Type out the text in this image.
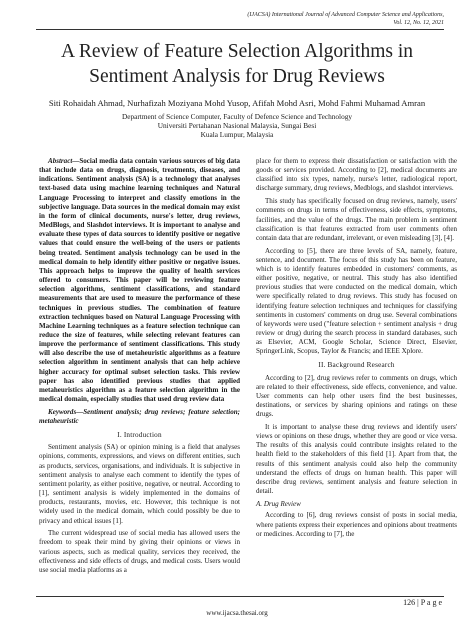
(IJACSA) International Journal of Advanced Computer Science and Applications,
Vol. 12, No. 12, 2021
A Review of Feature Selection Algorithms in
Sentiment Analysis for Drug Reviews
Siti Rohaidah Ahmad, Nurhafizah Moziyana Mohd Yusop, Afifah Mohd Asri, Mohd Fahmi Muhamad Amran
Department of Science Computer, Faculty of Defence Science and Technology
Universiti Pertahanan Nasional Malaysia, Sungai Besi
Kuala Lumpur, Malaysia

Abstract—Social media data contain various sources of big data that include data on drugs, diagnosis, treatments, diseases, and indications. Sentiment analysis (SA) is a technology that analyses text-based data using machine learning techniques and Natural Language Processing to interpret and classify emotions in the subjective language. Data sources in the medical domain may exist in the form of clinical documents, nurse's letter, drug reviews, MedBlogs, and Slashdot interviews. It is important to analyse and evaluate these types of data sources to identify positive or negative values that could ensure the well-being of the users or patients being treated. Sentiment analysis technology can be used in the medical domain to help identify either positive or negative issues. This approach helps to improve the quality of health services offered to consumers. This paper will be reviewing feature selection algorithms, sentiment classifications, and standard measurements that are used to measure the performance of these techniques in previous studies. The combination of feature extraction techniques based on Natural Language Processing with Machine Learning techniques as a feature selection technique can reduce the size of features, while selecting relevant features can improve the performance of sentiment classifications. This study will also describe the use of metaheuristic algorithms as a feature selection algorithm in sentiment analysis that can help achieve higher accuracy for optimal subset selection tasks. This review paper has also identified previous studies that applied metaheuristics algorithm as a feature selection algorithm in the medical domain, especially studies that used drug review data

Keywords—Sentiment analysis; drug reviews; feature selection; metaheuristic

I. Introduction

Sentiment analysis (SA) or opinion mining is a field that analyses opinions, comments, expressions, and views on different entities, such as products, services, organisations, and individuals. It is subjective in sentiment analysis to analyse each comment to identify the types of sentiment polarity, as either positive, negative, or neutral. According to [1], sentiment analysis is widely implemented in the domains of products, restaurants, movies, etc. However, this technique is not widely used in the medical domain, which could possibly be due to privacy and ethical issues [1].

The current widespread use of social media has allowed users the freedom to speak their mind by giving their opinions or views in various aspects, such as medical quality, services they received, the effectiveness and side effects of drugs, and medical costs. Users would use social media platforms as a

place for them to express their dissatisfaction or satisfaction with the goods or services provided. According to [2], medical documents are classified into six types, namely, nurse's letter, radiological report, discharge summary, drug reviews, Medblogs, and slashdot interviews.

This study has specifically focused on drug reviews, namely, users' comments on drugs in terms of effectiveness, side effects, symptoms, facilities, and the value of the drugs. The main problem in sentiment classification is that features extracted from user comments often contain data that are redundant, irrelevant, or even misleading [3], [4].

According to [5], there are three levels of SA, namely, feature, sentence, and document. The focus of this study has been on feature, which is to identify features embedded in customers' comments, as either positive, negative, or neutral. This study has also identified previous studies that were conducted on the medical domain, which were specifically related to drug reviews. This study has focused on identifying feature selection techniques and techniques for classifying sentiments in customers' comments on drug use. Several combinations of keywords were used ("feature selection + sentiment analysis + drug review or drug) during the search process in standard databases, such as Elsevier, ACM, Google Scholar, Science Direct, Elsevier, SpringerLink, Scopus, Taylor & Francis; and IEEE Xplore.

II. Background Research

According to [2], drug reviews refer to comments on drugs, which are related to their effectiveness, side effects, convenience, and value. User comments can help other users find the best businesses, destinations, or services by sharing opinions and ratings on these drugs.

It is important to analyse these drug reviews and identify users' views or opinions on these drugs, whether they are good or vice versa. The results of this analysis could contribute insights related to the health field to the stakeholders of this field [1]. Apart from that, the results of this sentiment analysis could also help the community understand the effects of drugs on human health. This paper will describe drug reviews, sentiment analysis and feature selection in detail.

A. Drug Review

According to [6], drug reviews consist of posts in social media, where patients express their experiences and opinions about treatments or medicines. According to [7], the

126 | P a g e
www.ijacsa.thesai.org
